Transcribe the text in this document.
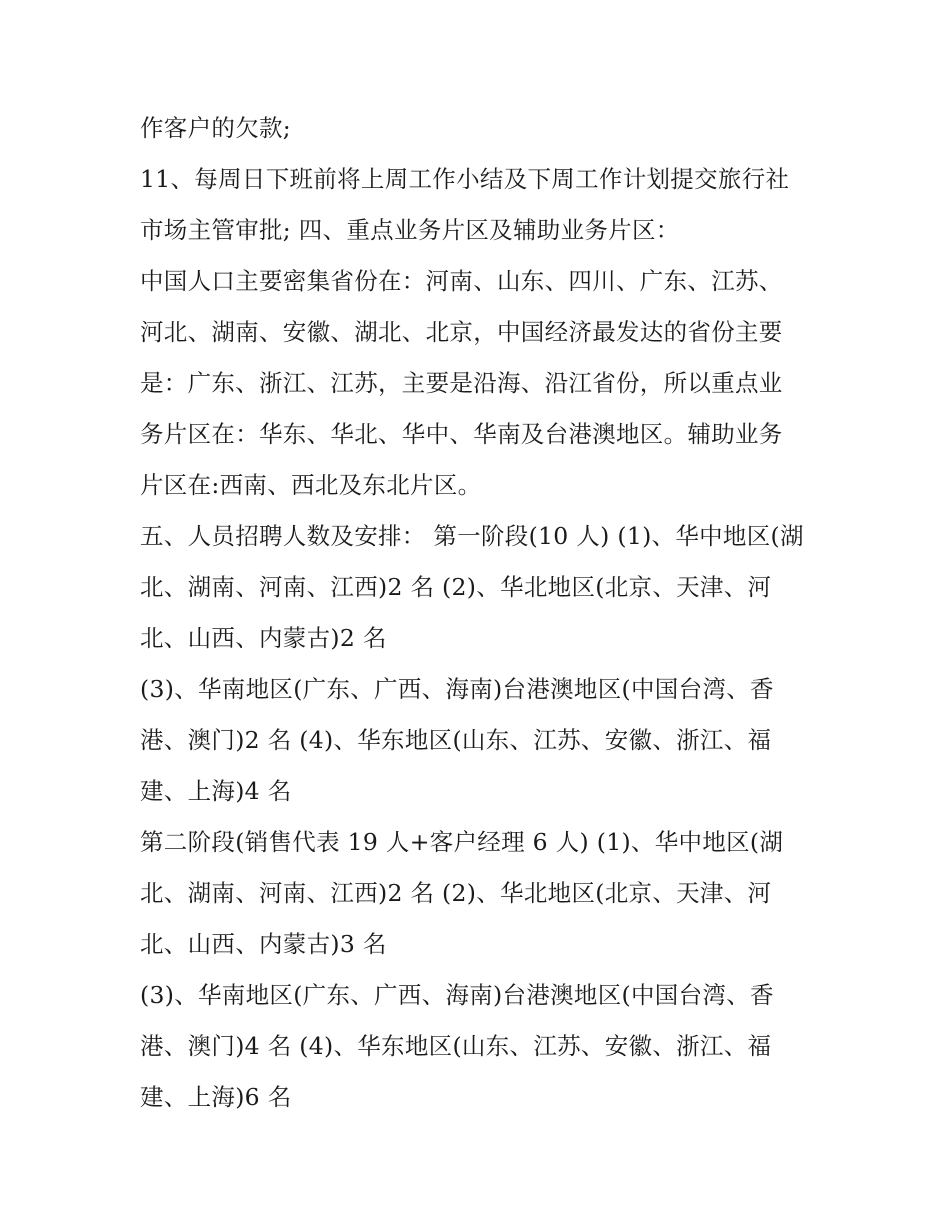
作客户的欠款;
11、每周日下班前将上周工作小结及下周工作计划提交旅行社
市场主管审批; 四、重点业务片区及辅助业务片区：
中国人口主要密集省份在：河南、山东、四川、广东、江苏、
河北、湖南、安徽、湖北、北京，中国经济最发达的省份主要
是：广东、浙江、江苏，主要是沿海、沿江省份，所以重点业
务片区在：华东、华北、华中、华南及台港澳地区。辅助业务
片区在:西南、西北及东北片区。
五、人员招聘人数及安排： 第一阶段(10 人) (1)、华中地区(湖
北、湖南、河南、江西)2 名 (2)、华北地区(北京、天津、河
北、山西、内蒙古)2 名
(3)、华南地区(广东、广西、海南)台港澳地区(中国台湾、香
港、澳门)2 名 (4)、华东地区(山东、江苏、安徽、浙江、福
建、上海)4 名
第二阶段(销售代表 19 人+客户经理 6 人) (1)、华中地区(湖
北、湖南、河南、江西)2 名 (2)、华北地区(北京、天津、河
北、山西、内蒙古)3 名
(3)、华南地区(广东、广西、海南)台港澳地区(中国台湾、香
港、澳门)4 名 (4)、华东地区(山东、江苏、安徽、浙江、福
建、上海)6 名
